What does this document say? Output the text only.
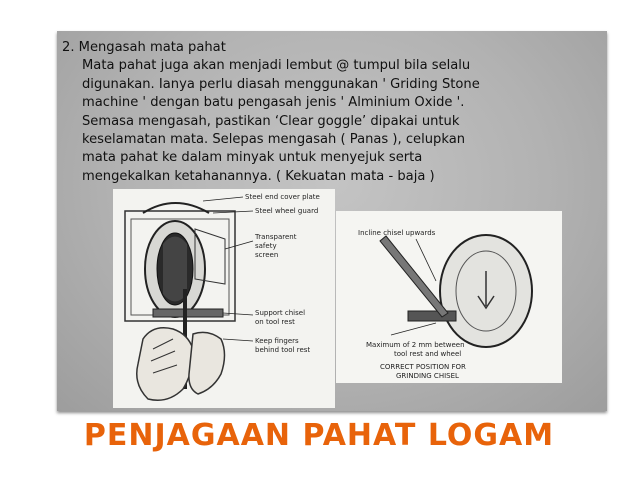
2. Mengasah mata pahat
Mata pahat juga akan menjadi lembut @ tumpul bila selalu
digunakan. Ianya perlu diasah menggunakan ' Griding Stone
machine ' dengan batu pengasah jenis ' Alminium Oxide '.
Semasa mengasah, pastikan ‘Clear goggle’ dipakai untuk
keselamatan mata. Selepas mengasah ( Panas ), celupkan
mata pahat ke dalam minyak untuk menyejuk serta
mengekalkan ketahanannya. ( Kekuatan mata - baja )
Steel end cover plate
Steel wheel guard
Transparent
safety
screen
Support chisel
on tool rest
Keep fingers
behind tool rest
Incline chisel upwards
Maximum of 2 mm between
tool rest and wheel
CORRECT POSITION FOR
GRINDING CHISEL
PENJAGAAN PAHAT LOGAM
